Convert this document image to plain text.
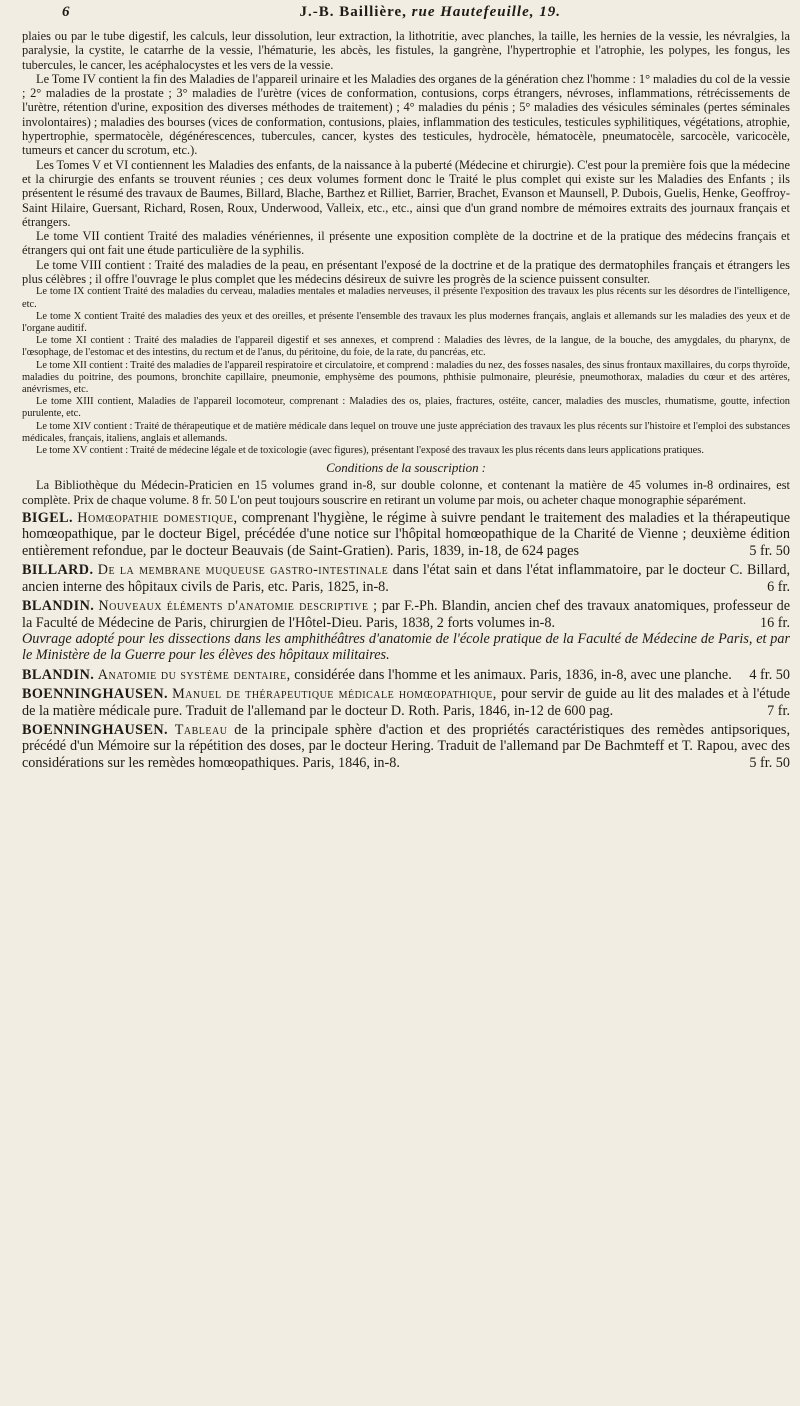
6	J.-B. Baillière, rue Hautefeuille, 19.

plaies ou par le tube digestif, les calculs, leur dissolution, leur extraction, la lithotritie, avec planches, la taille, les hernies de la vessie, les névralgies, la paralysie, la cystite, le catarrhe de la vessie, l'hématurie, les abcès, les fistules, la gangrène, l'hypertrophie et l'atrophie, les polypes, les fongus, les tubercules, le cancer, les acéphalocystes et les vers de la vessie.

Le Tome IV contient la fin des Maladies de l'appareil urinaire et les Maladies des organes de la génération chez l'homme : 1° maladies du col de la vessie ; 2° maladies de la prostate ; 3° maladies de l'urètre (vices de conformation, contusions, corps étrangers, névroses, inflammations, rétrécissements de l'urètre, rétention d'urine, exposition des diverses méthodes de traitement) ; 4° maladies du pénis ; 5° maladies des vésicules séminales (pertes séminales involontaires) ; maladies des bourses (vices de conformation, contusions, plaies, inflammation des testicules, testicules syphilitiques, végétations, atrophie, hypertrophie, spermatocèle, dégénérescences, tubercules, cancer, kystes des testicules, hydrocèle, hématocèle, pneumatocèle, sarcocèle, varicocèle, tumeurs et cancer du scrotum, etc.).

Les Tomes V et VI contiennent les Maladies des enfants, de la naissance à la puberté (Médecine et chirurgie). C'est pour la première fois que la médecine et la chirurgie des enfants se trouvent réunies ; ces deux volumes forment donc le Traité le plus complet qui existe sur les Maladies des Enfants ; ils présentent le résumé des travaux de Baumes, Billard, Blache, Barthez et Rilliet, Barrier, Brachet, Evanson et Maunsell, P. Dubois, Guelis, Henke, Geoffroy-Saint Hilaire, Guersant, Richard, Rosen, Roux, Underwood, Valleix, etc., etc., ainsi que d'un grand nombre de mémoires extraits des journaux français et étrangers.

Le tome VII contient Traité des maladies vénériennes, il présente une exposition complète de la doctrine et de la pratique des médecins français et étrangers qui ont fait une étude particulière de la syphilis.

Le tome VIII contient : Traité des maladies de la peau, en présentant l'exposé de la doctrine et de la pratique des dermatophiles français et étrangers les plus célèbres ; il offre l'ouvrage le plus complet que les médecins désireux de suivre les progrès de la science puissent consulter.

Le tome IX contient Traité des maladies du cerveau, maladies mentales et maladies nerveuses, il présente l'exposition des travaux les plus récents sur les désordres de l'intelligence, etc.

Le tome X contient Traité des maladies des yeux et des oreilles, et présente l'ensemble des travaux les plus modernes français, anglais et allemands sur les maladies des yeux et de l'organe auditif.

Le tome XI contient : Traité des maladies de l'appareil digestif et ses annexes, et comprend : Maladies des lèvres, de la langue, de la bouche, des amygdales, du pharynx, de l'œsophage, de l'estomac et des intestins, du rectum et de l'anus, du péritoine, du foie, de la rate, du pancréas, etc.

Le tome XII contient : Traité des maladies de l'appareil respiratoire et circulatoire, et comprend : maladies du nez, des fosses nasales, des sinus frontaux maxillaires, du corps thyroïde, maladies du poitrine, des poumons, bronchite capillaire, pneumonie, emphysème des poumons, phthisie pulmonaire, pleurésie, pneumothorax, maladies du cœur et des artères, anévrismes, etc.

Le tome XIII contient, Maladies de l'appareil locomoteur, comprenant : Maladies des os, plaies, fractures, ostéite, cancer, maladies des muscles, rhumatisme, goutte, infection purulente, etc.

Le tome XIV contient : Traité de thérapeutique et de matière médicale dans lequel on trouve une juste appréciation des travaux les plus récents sur l'histoire et l'emploi des substances médicales, français, italiens, anglais et allemands.

Le tome XV contient : Traité de médecine légale et de toxicologie (avec figures), présentant l'exposé des travaux les plus récents dans leurs applications pratiques.

Conditions de la souscription :

La Bibliothèque du Médecin-Praticien en 15 volumes grand in-8, sur double colonne, et contenant la matière de 45 volumes in-8 ordinaires, est complète. Prix de chaque volume. 8 fr. 50 L'on peut toujours souscrire en retirant un volume par mois, ou acheter chaque monographie séparément.

BIGEL. Homœopathie domestique, comprenant l'hygiène, le régime à suivre pendant le traitement des maladies et la thérapeutique homœopathique, par le docteur Bigel, précédée d'une notice sur l'hôpital homœopathique de la Charité de Vienne ; deuxième édition entièrement refondue, par le docteur Beauvais (de Saint-Gratien). Paris, 1839, in-18, de 624 pages	5 fr. 50

BILLARD. De la membrane muqueuse gastro-intestinale dans l'état sain et dans l'état inflammatoire, par le docteur C. Billard, ancien interne des hôpitaux civils de Paris, etc. Paris, 1825, in-8.	6 fr.

BLANDIN. Nouveaux éléments d'anatomie descriptive ; par F.-Ph. Blandin, ancien chef des travaux anatomiques, professeur de la Faculté de Médecine de Paris, chirurgien de l'Hôtel-Dieu. Paris, 1838, 2 forts volumes in-8.	16 fr.

Ouvrage adopté pour les dissections dans les amphithéâtres d'anatomie de l'école pratique de la Faculté de Médecine de Paris, et par le Ministère de la Guerre pour les élèves des hôpitaux militaires.

BLANDIN. Anatomie du système dentaire, considérée dans l'homme et les animaux. Paris, 1836, in-8, avec une planche.	4 fr. 50

BOENNINGHAUSEN. Manuel de thérapeutique médicale homœopathique, pour servir de guide au lit des malades et à l'étude de la matière médicale pure. Traduit de l'allemand par le docteur D. Roth. Paris, 1846, in-12 de 600 pag.	7 fr.

BOENNINGHAUSEN. Tableau de la principale sphère d'action et des propriétés caractéristiques des remèdes antipsoriques, précédé d'un Mémoire sur la répétition des doses, par le docteur Hering. Traduit de l'allemand par De Bachmteff et T. Rapou, avec des considérations sur les remèdes homœopathiques. Paris, 1846, in-8.	5 fr. 50
